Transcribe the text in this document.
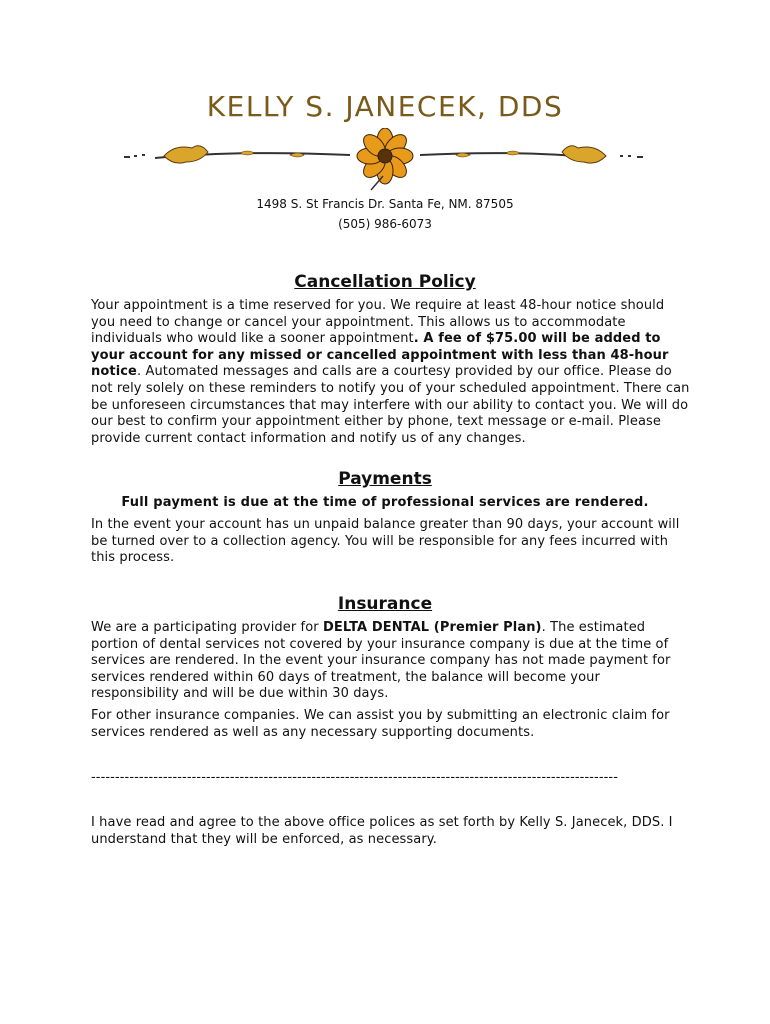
KELLY S. JANECEK, DDS
1498 S. St Francis Dr. Santa Fe, NM. 87505
(505) 986-6073
Cancellation Policy
Your appointment is a time reserved for you. We require at least 48-hour notice should you need to change or cancel your appointment. This allows us to accommodate individuals who would like a sooner appointment. A fee of $75.00 will be added to your account for any missed or cancelled appointment with less than 48-hour notice. Automated messages and calls are a courtesy provided by our office. Please do not rely solely on these reminders to notify you of your scheduled appointment. There can be unforeseen circumstances that may interfere with our ability to contact you. We will do our best to confirm your appointment either by phone, text message or e-mail. Please provide current contact information and notify us of any changes.
Payments
Full payment is due at the time of professional services are rendered.
In the event your account has un unpaid balance greater than 90 days, your account will be turned over to a collection agency. You will be responsible for any fees incurred with this process.
Insurance
We are a participating provider for DELTA DENTAL (Premier Plan). The estimated portion of dental services not covered by your insurance company is due at the time of services are rendered. In the event your insurance company has not made payment for services rendered within 60 days of treatment, the balance will become your responsibility and will be due within 30 days.
For other insurance companies. We can assist you by submitting an electronic claim for services rendered as well as any necessary supporting documents.
--------------------------------------------------------------------------------------------------------------
I have read and agree to the above office polices as set forth by Kelly S. Janecek, DDS. I understand that they will be enforced, as necessary.
